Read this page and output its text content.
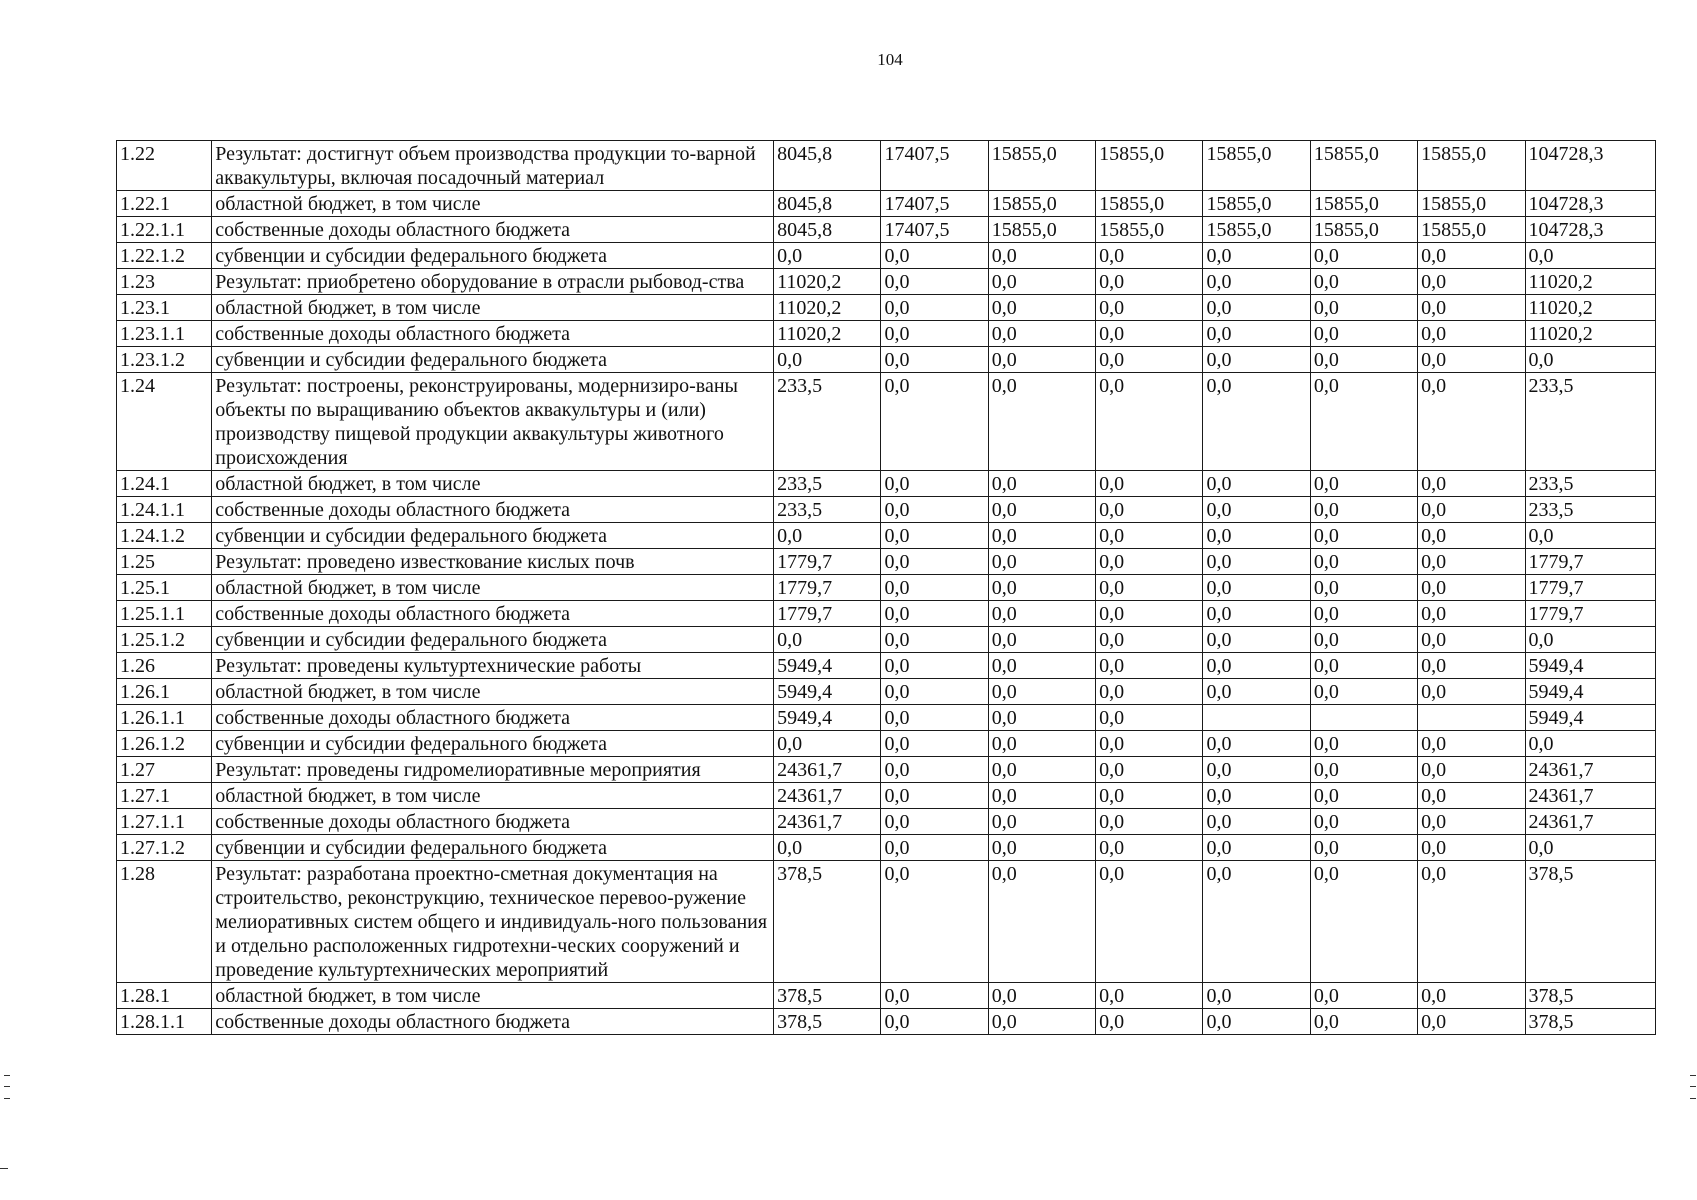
104
1.22	Результат: достигнут объем производства продукции то-варной аквакультуры, включая посадочный материал	8045,8	17407,5	15855,0	15855,0	15855,0	15855,0	15855,0	104728,3
1.22.1	областной бюджет, в том числе	8045,8	17407,5	15855,0	15855,0	15855,0	15855,0	15855,0	104728,3
1.22.1.1	собственные доходы областного бюджета	8045,8	17407,5	15855,0	15855,0	15855,0	15855,0	15855,0	104728,3
1.22.1.2	субвенции и субсидии федерального бюджета	0,0	0,0	0,0	0,0	0,0	0,0	0,0	0,0
1.23	Результат: приобретено оборудование в отрасли рыбовод-ства	11020,2	0,0	0,0	0,0	0,0	0,0	0,0	11020,2
1.23.1	областной бюджет, в том числе	11020,2	0,0	0,0	0,0	0,0	0,0	0,0	11020,2
1.23.1.1	собственные доходы областного бюджета	11020,2	0,0	0,0	0,0	0,0	0,0	0,0	11020,2
1.23.1.2	субвенции и субсидии федерального бюджета	0,0	0,0	0,0	0,0	0,0	0,0	0,0	0,0
1.24	Результат: построены, реконструированы, модернизиро-ваны объекты по выращиванию объектов аквакультуры и (или) производству пищевой продукции аквакультуры животного происхождения	233,5	0,0	0,0	0,0	0,0	0,0	0,0	233,5
1.24.1	областной бюджет, в том числе	233,5	0,0	0,0	0,0	0,0	0,0	0,0	233,5
1.24.1.1	собственные доходы областного бюджета	233,5	0,0	0,0	0,0	0,0	0,0	0,0	233,5
1.24.1.2	субвенции и субсидии федерального бюджета	0,0	0,0	0,0	0,0	0,0	0,0	0,0	0,0
1.25	Результат: проведено известкование кислых почв	1779,7	0,0	0,0	0,0	0,0	0,0	0,0	1779,7
1.25.1	областной бюджет, в том числе	1779,7	0,0	0,0	0,0	0,0	0,0	0,0	1779,7
1.25.1.1	собственные доходы областного бюджета	1779,7	0,0	0,0	0,0	0,0	0,0	0,0	1779,7
1.25.1.2	субвенции и субсидии федерального бюджета	0,0	0,0	0,0	0,0	0,0	0,0	0,0	0,0
1.26	Результат: проведены культуртехнические работы	5949,4	0,0	0,0	0,0	0,0	0,0	0,0	5949,4
1.26.1	областной бюджет, в том числе	5949,4	0,0	0,0	0,0	0,0	0,0	0,0	5949,4
1.26.1.1	собственные доходы областного бюджета	5949,4	0,0	0,0	0,0				5949,4
1.26.1.2	субвенции и субсидии федерального бюджета	0,0	0,0	0,0	0,0	0,0	0,0	0,0	0,0
1.27	Результат: проведены гидромелиоративные мероприятия	24361,7	0,0	0,0	0,0	0,0	0,0	0,0	24361,7
1.27.1	областной бюджет, в том числе	24361,7	0,0	0,0	0,0	0,0	0,0	0,0	24361,7
1.27.1.1	собственные доходы областного бюджета	24361,7	0,0	0,0	0,0	0,0	0,0	0,0	24361,7
1.27.1.2	субвенции и субсидии федерального бюджета	0,0	0,0	0,0	0,0	0,0	0,0	0,0	0,0
1.28	Результат: разработана проектно-сметная документация на строительство, реконструкцию, техническое перевоо-ружение мелиоративных систем общего и индивидуаль-ного пользования и отдельно расположенных гидротехни-ческих сооружений и проведение культуртехнических мероприятий	378,5	0,0	0,0	0,0	0,0	0,0	0,0	378,5
1.28.1	областной бюджет, в том числе	378,5	0,0	0,0	0,0	0,0	0,0	0,0	378,5
1.28.1.1	собственные доходы областного бюджета	378,5	0,0	0,0	0,0	0,0	0,0	0,0	378,5
